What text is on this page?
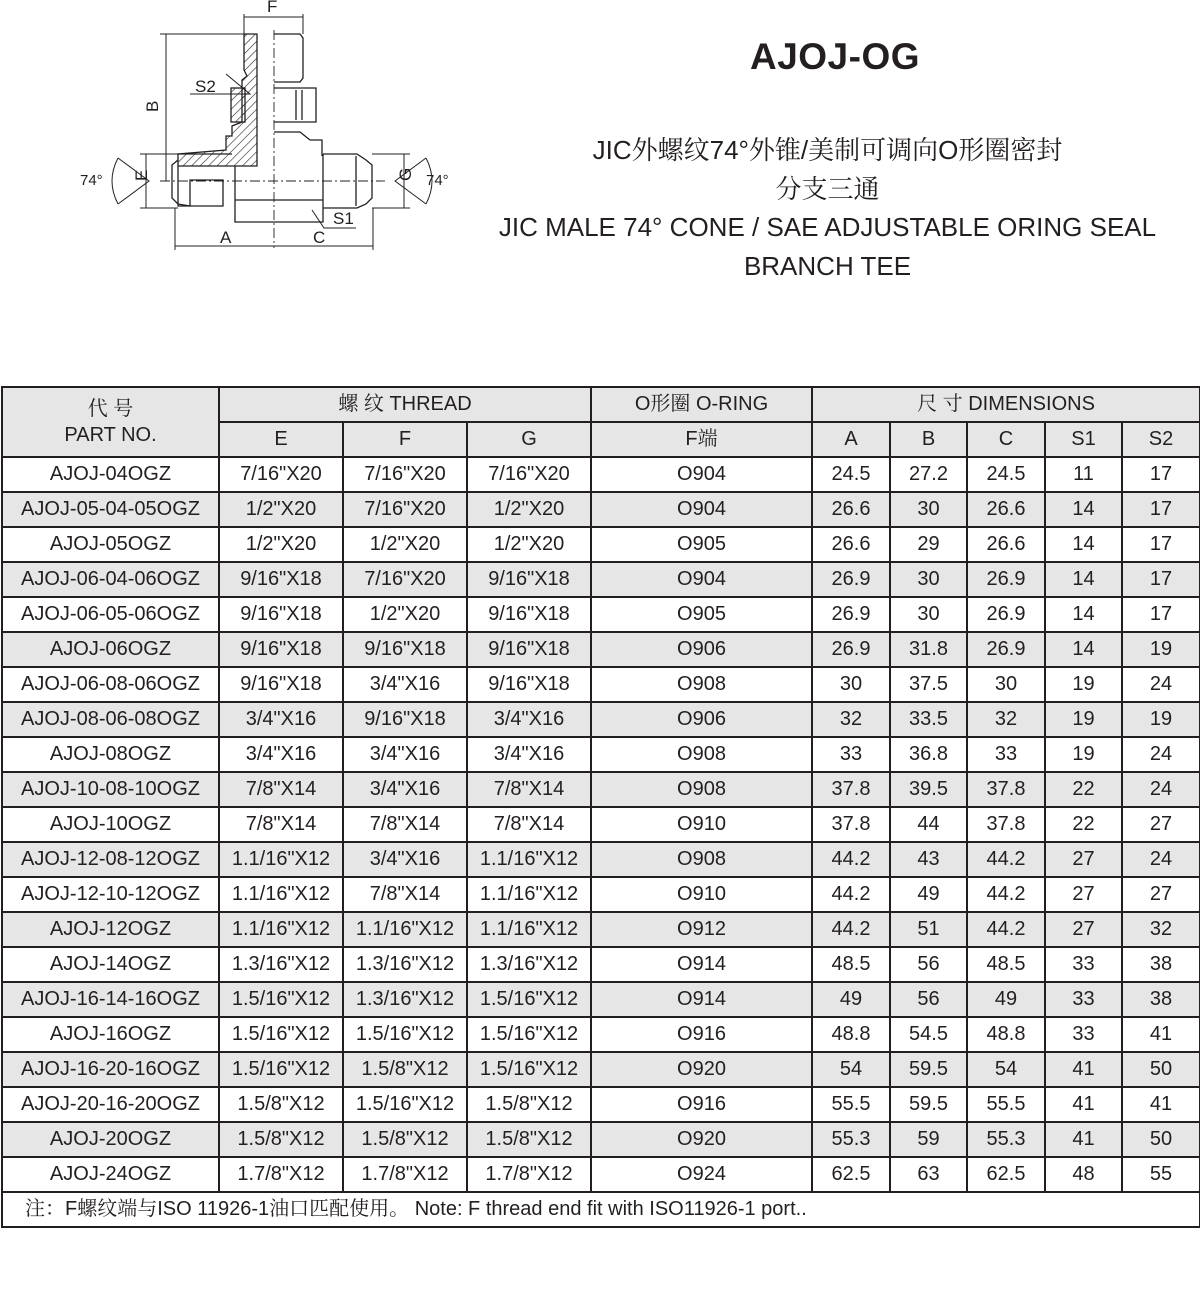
F
B
S2
S1
E	G
A	C
74°	74°
AJOJ-OG
JIC外螺纹74°外锥/美制可调向O形圈密封
分支三通
JIC MALE 74° CONE / SAE ADJUSTABLE ORING SEAL
BRANCH TEE
代 号
PART NO.	螺 纹 THREAD			O形圈 O-RING	尺 寸 DIMENSIONS				
	E	F	G	F端	A	B	C	S1	S2
AJOJ-04OGZ	7/16"X20	7/16"X20	7/16"X20	O904	24.5	27.2	24.5	11	17
AJOJ-05-04-05OGZ	1/2"X20	7/16"X20	1/2"X20	O904	26.6	30	26.6	14	17
AJOJ-05OGZ	1/2"X20	1/2"X20	1/2"X20	O905	26.6	29	26.6	14	17
AJOJ-06-04-06OGZ	9/16"X18	7/16"X20	9/16"X18	O904	26.9	30	26.9	14	17
AJOJ-06-05-06OGZ	9/16"X18	1/2"X20	9/16"X18	O905	26.9	30	26.9	14	17
AJOJ-06OGZ	9/16"X18	9/16"X18	9/16"X18	O906	26.9	31.8	26.9	14	19
AJOJ-06-08-06OGZ	9/16"X18	3/4"X16	9/16"X18	O908	30	37.5	30	19	24
AJOJ-08-06-08OGZ	3/4"X16	9/16"X18	3/4"X16	O906	32	33.5	32	19	19
AJOJ-08OGZ	3/4"X16	3/4"X16	3/4"X16	O908	33	36.8	33	19	24
AJOJ-10-08-10OGZ	7/8"X14	3/4"X16	7/8"X14	O908	37.8	39.5	37.8	22	24
AJOJ-10OGZ	7/8"X14	7/8"X14	7/8"X14	O910	37.8	44	37.8	22	27
AJOJ-12-08-12OGZ	1.1/16"X12	3/4"X16	1.1/16"X12	O908	44.2	43	44.2	27	24
AJOJ-12-10-12OGZ	1.1/16"X12	7/8"X14	1.1/16"X12	O910	44.2	49	44.2	27	27
AJOJ-12OGZ	1.1/16"X12	1.1/16"X12	1.1/16"X12	O912	44.2	51	44.2	27	32
AJOJ-14OGZ	1.3/16"X12	1.3/16"X12	1.3/16"X12	O914	48.5	56	48.5	33	38
AJOJ-16-14-16OGZ	1.5/16"X12	1.3/16"X12	1.5/16"X12	O914	49	56	49	33	38
AJOJ-16OGZ	1.5/16"X12	1.5/16"X12	1.5/16"X12	O916	48.8	54.5	48.8	33	41
AJOJ-16-20-16OGZ	1.5/16"X12	1.5/8"X12	1.5/16"X12	O920	54	59.5	54	41	50
AJOJ-20-16-20OGZ	1.5/8"X12	1.5/16"X12	1.5/8"X12	O916	55.5	59.5	55.5	41	41
AJOJ-20OGZ	1.5/8"X12	1.5/8"X12	1.5/8"X12	O920	55.3	59	55.3	41	50
AJOJ-24OGZ	1.7/8"X12	1.7/8"X12	1.7/8"X12	O924	62.5	63	62.5	48	55
注：F螺纹端与ISO 11926-1油口匹配使用。 Note: F thread end fit with ISO11926-1 port..									
